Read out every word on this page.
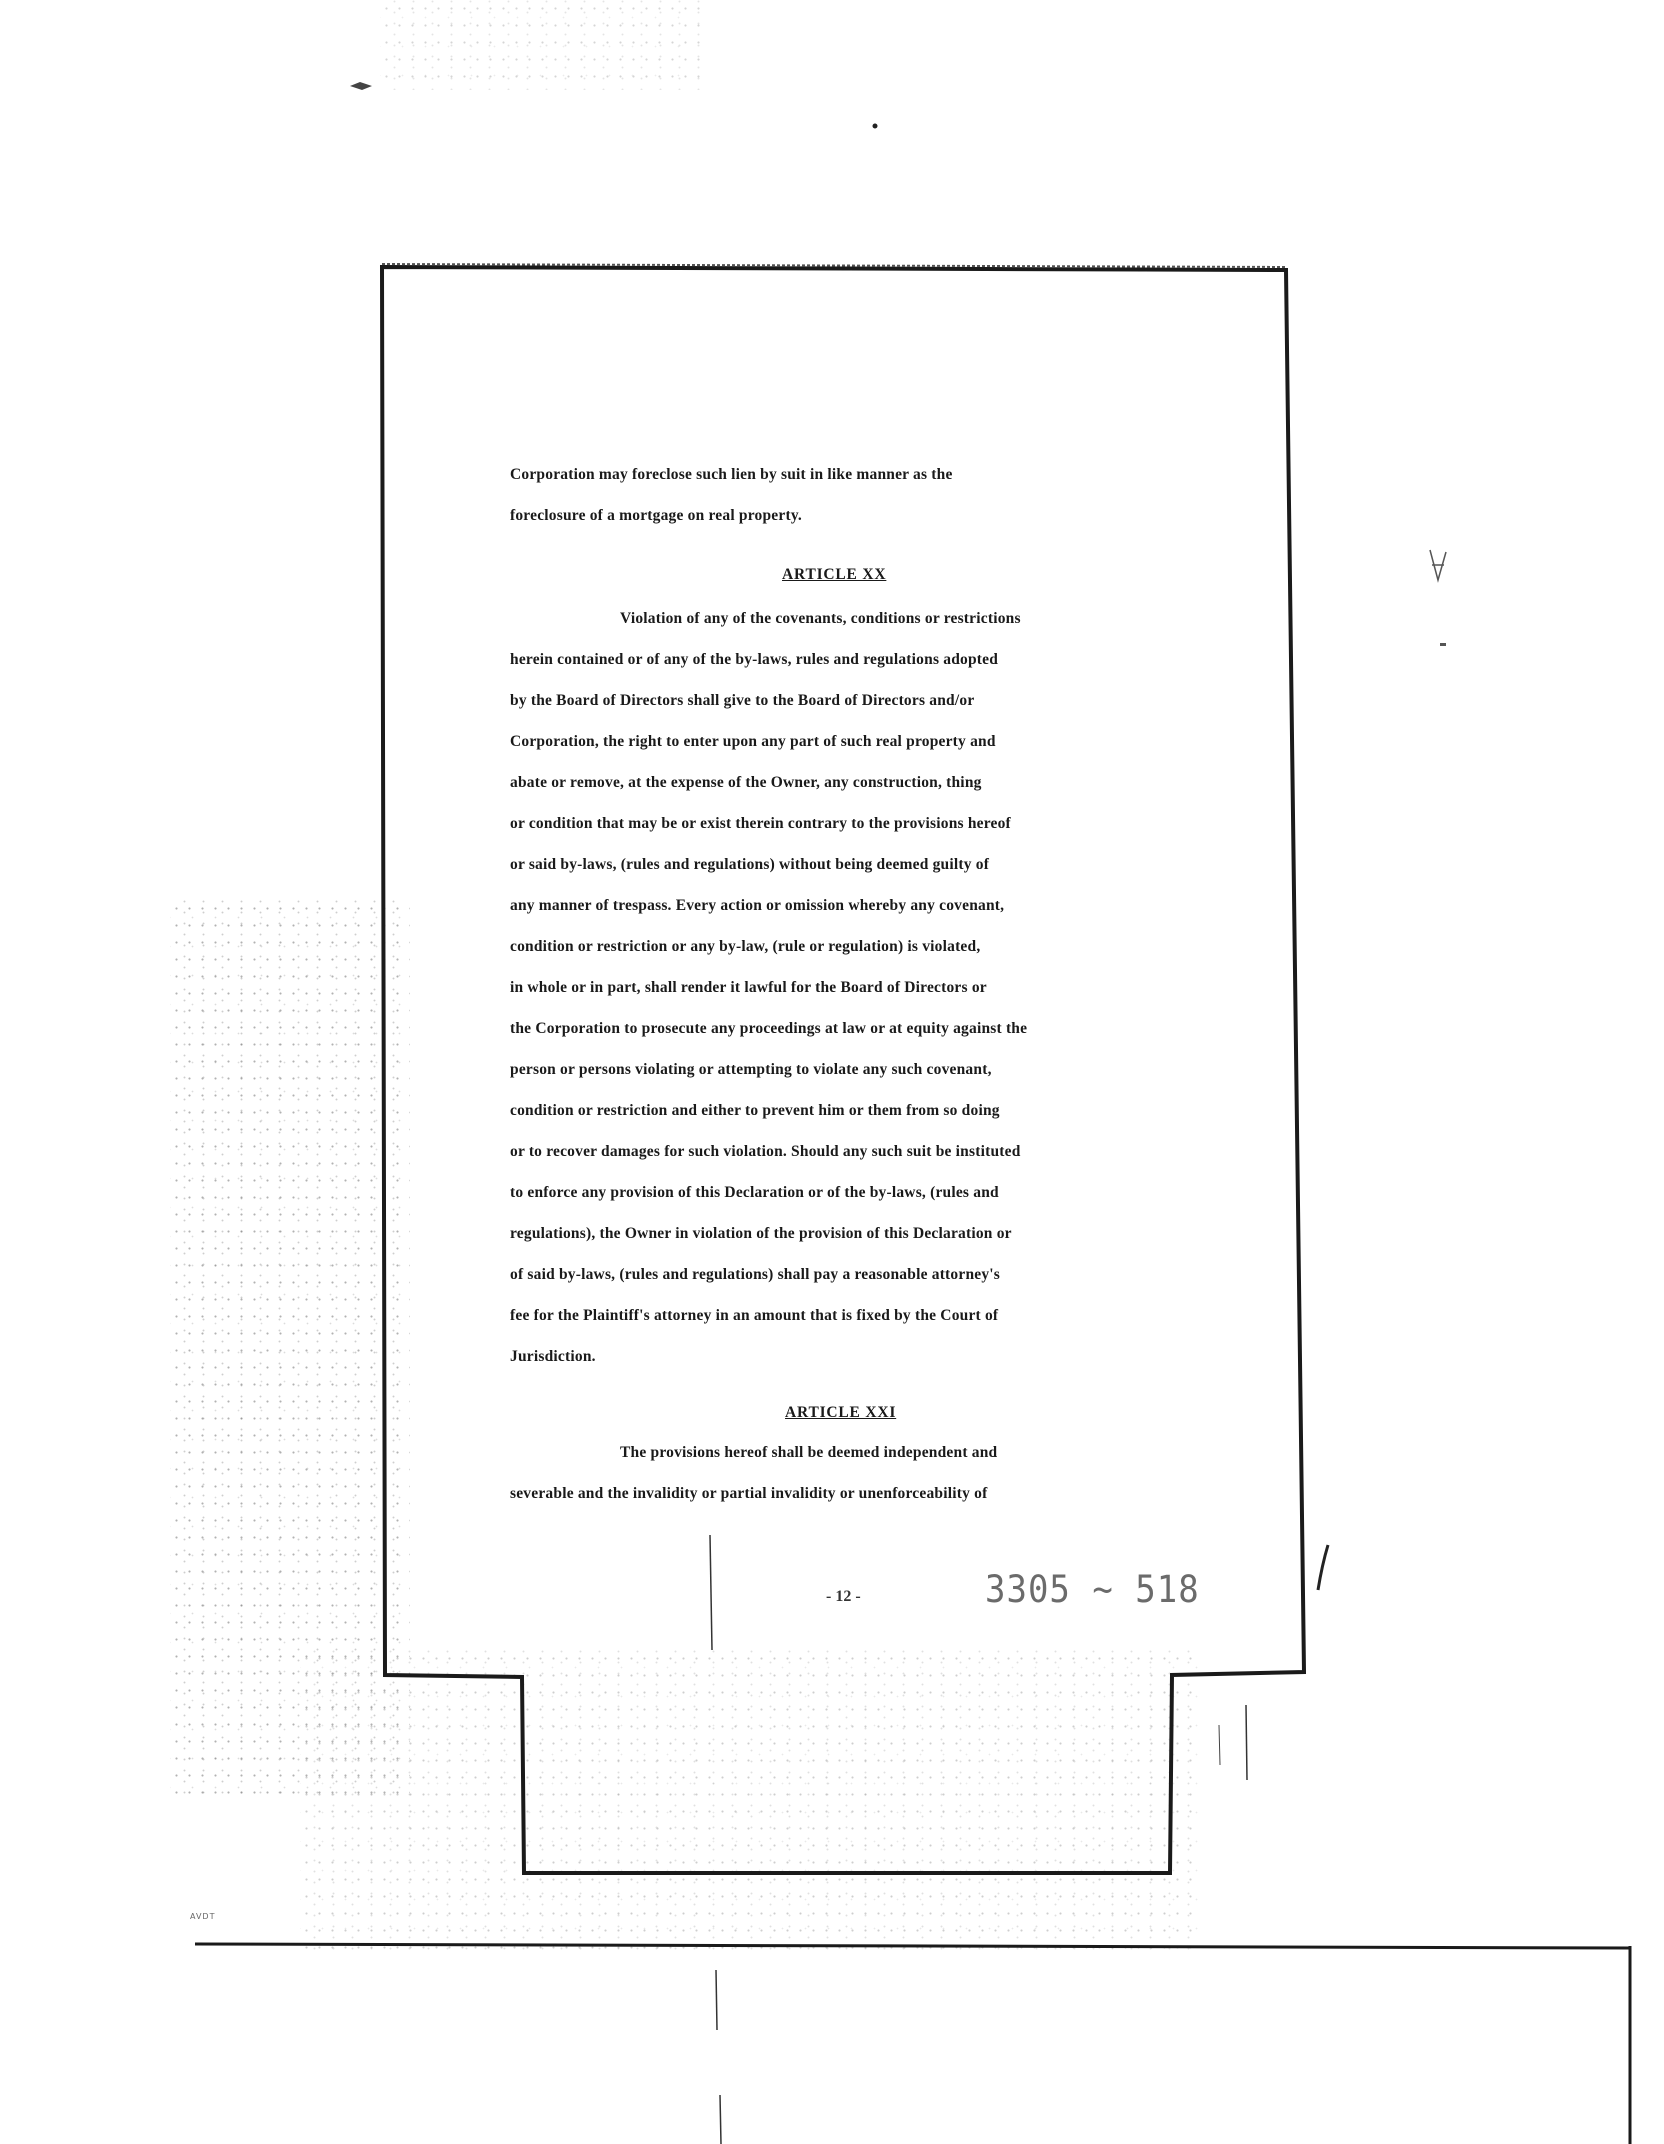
Corporation may foreclose such lien by suit in like manner as the
foreclosure of a mortgage on real property.
ARTICLE XX
Violation of any of the covenants, conditions or restrictions
herein contained or of any of the by-laws, rules and regulations adopted
by the Board of Directors shall give to the Board of Directors and/or
Corporation, the right to enter upon any part of such real property and
abate or remove, at the expense of the Owner, any construction, thing
or condition that may be or exist therein contrary to the provisions hereof
or said by-laws, (rules and regulations) without being deemed guilty of
any manner of trespass. Every action or omission whereby any covenant,
condition or restriction or any by-law, (rule or regulation) is violated,
in whole or in part, shall render it lawful for the Board of Directors or
the Corporation to prosecute any proceedings at law or at equity against the
person or persons violating or attempting to violate any such covenant,
condition or restriction and either to prevent him or them from so doing
or to recover damages for such violation. Should any such suit be instituted
to enforce any provision of this Declaration or of the by-laws, (rules and
regulations), the Owner in violation of the provision of this Declaration or
of said by-laws, (rules and regulations) shall pay a reasonable attorney's
fee for the Plaintiff's attorney in an amount that is fixed by the Court of
Jurisdiction.
ARTICLE XXI
The provisions hereof shall be deemed independent and
severable and the invalidity or partial invalidity or unenforceability of
- 12 -	3305 ~ 518
AVDT
